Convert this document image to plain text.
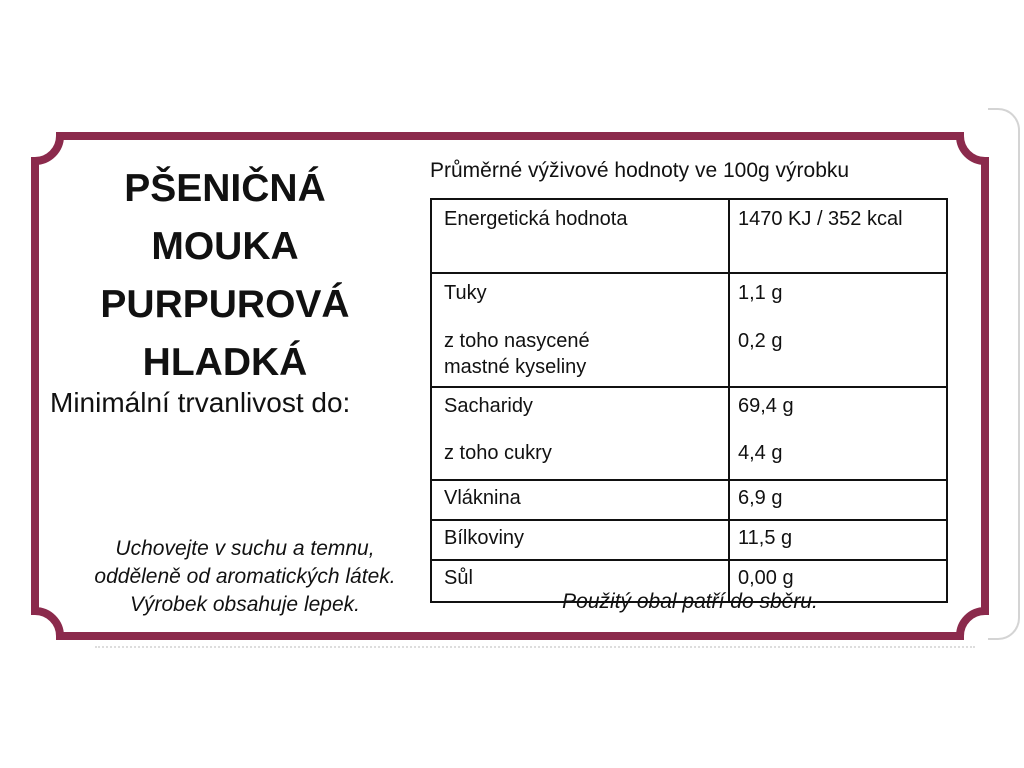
PŠENIČNÁ
MOUKA
PURPUROVÁ
HLADKÁ
Minimální trvanlivost do:
Uchovejte v suchu a temnu,
odděleně od aromatických látek.
Výrobek obsahuje lepek.
Průměrné výživové hodnoty ve 100g výrobku
Energetická hodnota	1470 KJ / 352 kcal
Tuky	1,1 g
z toho nasycené
mastné kyseliny	0,2 g
Sacharidy	69,4 g
z toho cukry	4,4 g
Vláknina	6,9 g
Bílkoviny	11,5 g
Sůl	0,00 g
Použitý obal patří do sběru.
